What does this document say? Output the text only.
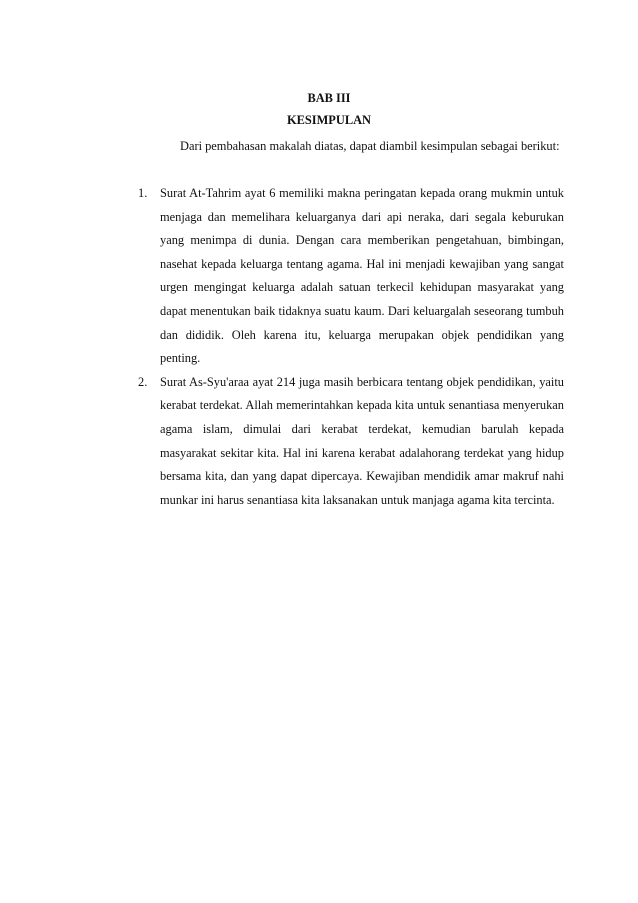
BAB III
KESIMPULAN

Dari pembahasan makalah diatas, dapat diambil kesimpulan sebagai berikut:

1. Surat At-Tahrim ayat 6 memiliki makna peringatan kepada orang mukmin untuk menjaga dan memelihara keluarganya dari api neraka, dari segala keburukan yang menimpa di dunia. Dengan cara memberikan pengetahuan, bimbingan, nasehat kepada keluarga tentang agama. Hal ini menjadi kewajiban yang sangat urgen mengingat keluarga adalah satuan terkecil kehidupan masyarakat yang dapat menentukan baik tidaknya suatu kaum. Dari keluargalah seseorang tumbuh dan dididik. Oleh karena itu, keluarga merupakan objek pendidikan yang penting.
2. Surat As-Syu'araa ayat 214 juga masih berbicara tentang objek pendidikan, yaitu kerabat terdekat. Allah memerintahkan kepada kita untuk senantiasa menyerukan agama islam, dimulai dari kerabat terdekat, kemudian barulah kepada masyarakat sekitar kita. Hal ini karena kerabat adalahorang terdekat yang hidup bersama kita, dan yang dapat dipercaya. Kewajiban mendidik amar makruf nahi munkar ini harus senantiasa kita laksanakan untuk manjaga agama kita tercinta.
